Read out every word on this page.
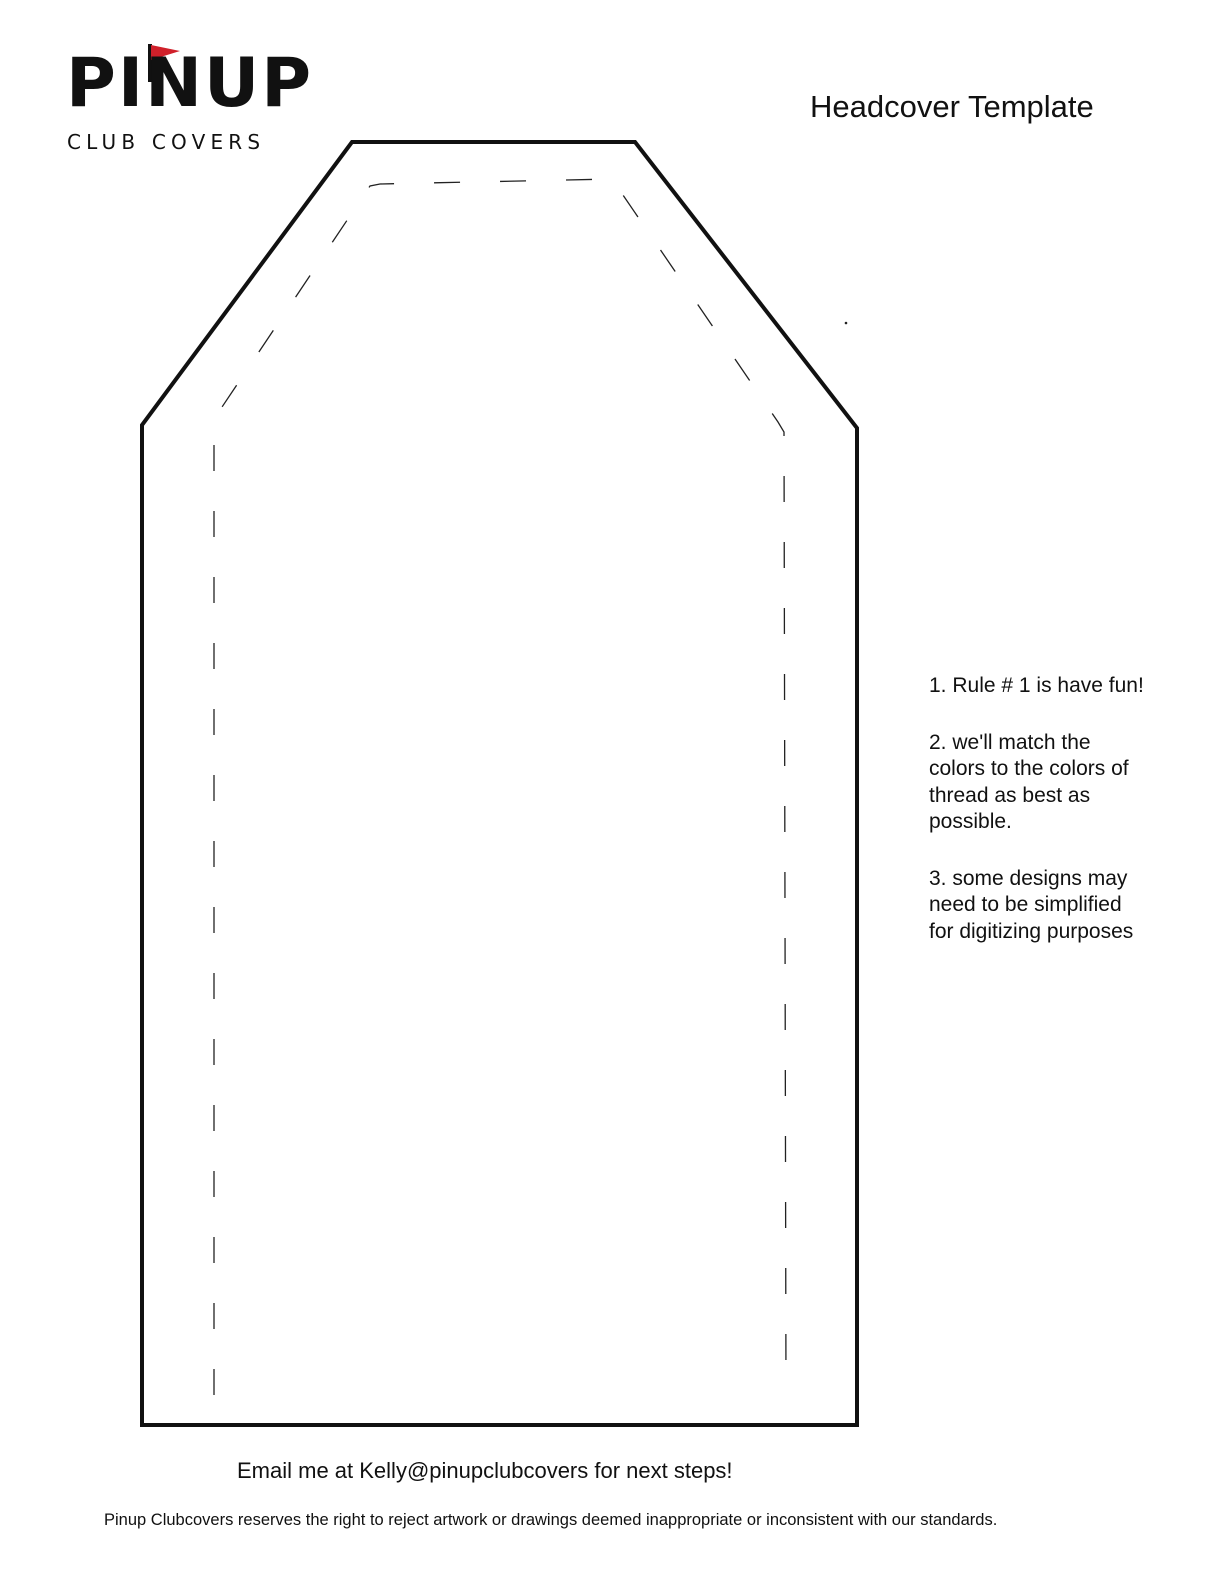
PINUP
CLUB COVERS
Headcover Template
1. Rule # 1 is have fun!
2. we'll match the colors to the colors of thread as best as possible.
3. some designs may need to be simplified for digitizing purposes

Email me at Kelly@pinupclubcovers for next steps!

Pinup Clubcovers reserves the right to reject artwork or drawings deemed inappropriate or inconsistent with our standards.
